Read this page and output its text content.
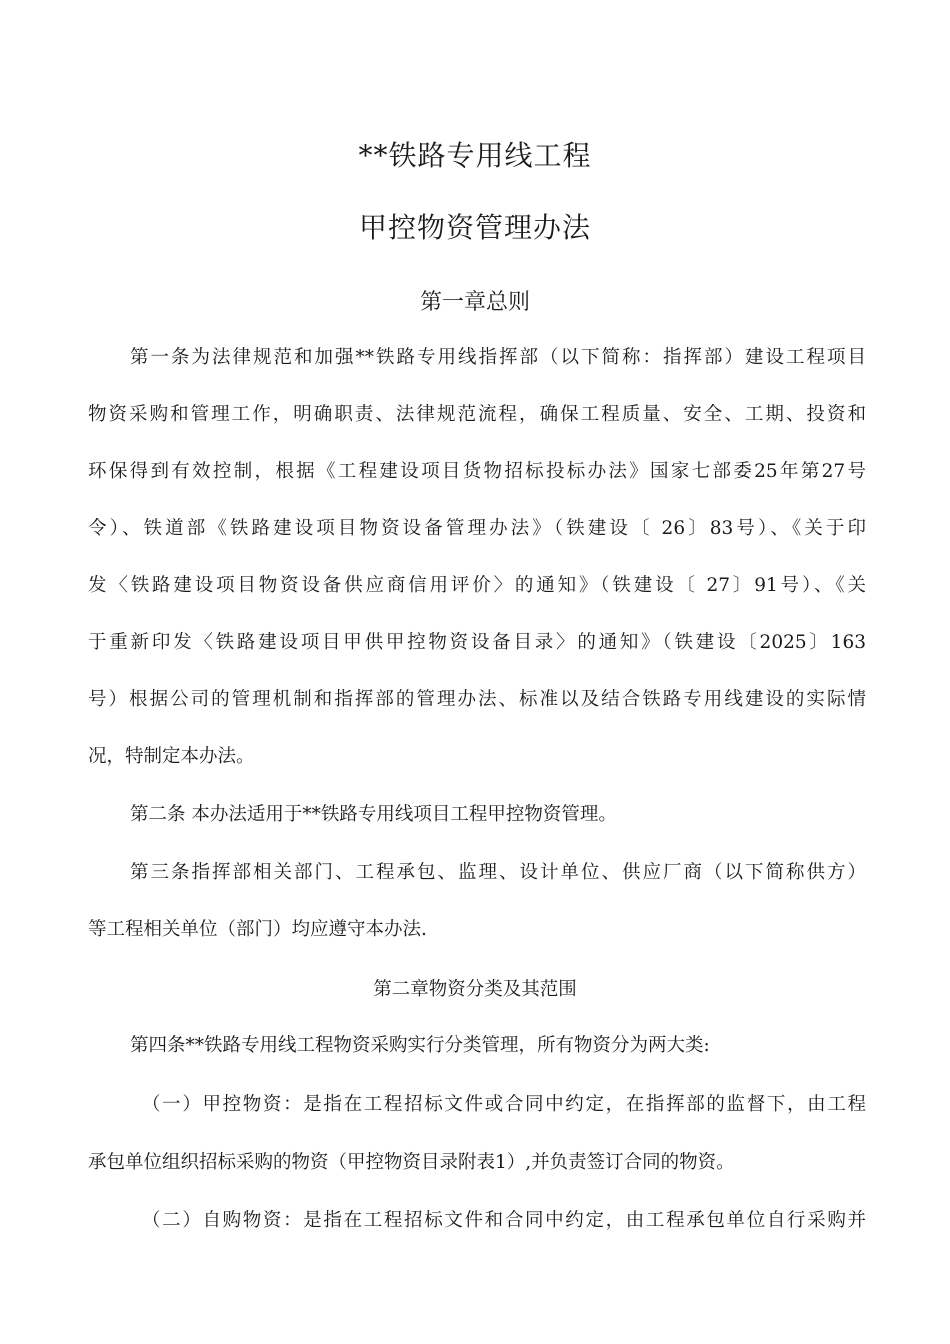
**铁路专用线工程
甲控物资管理办法
第一章总则
第一条为法律规范和加强**铁路专用线指挥部（以下简称：指挥部）建设工程项目
物资采购和管理工作，明确职责、法律规范流程，确保工程质量、安全、工期、投资和
环保得到有效控制，根据《工程建设项目货物招标投标办法》国家七部委25年第27号
令）、铁道部《铁路建设项目物资设备管理办法》（铁建设〔 26〕83号）、《关于印
发〈铁路建设项目物资设备供应商信用评价〉的通知》（铁建设〔 27〕91号）、《关
于重新印发〈铁路建设项目甲供甲控物资设备目录〉的通知》（铁建设〔2025〕163
号）根据公司的管理机制和指挥部的管理办法、标准以及结合铁路专用线建设的实际情
况，特制定本办法。
第二条 本办法适用于**铁路专用线项目工程甲控物资管理。
第三条指挥部相关部门、工程承包、监理、设计单位、供应厂商（以下简称供方）
等工程相关单位（部门）均应遵守本办法.
第二章物资分类及其范围
第四条**铁路专用线工程物资采购实行分类管理，所有物资分为两大类:
（一）甲控物资：是指在工程招标文件或合同中约定，在指挥部的监督下，由工程
承包单位组织招标采购的物资（甲控物资目录附表1）,并负责签订合同的物资。
（二）自购物资：是指在工程招标文件和合同中约定，由工程承包单位自行采购并
